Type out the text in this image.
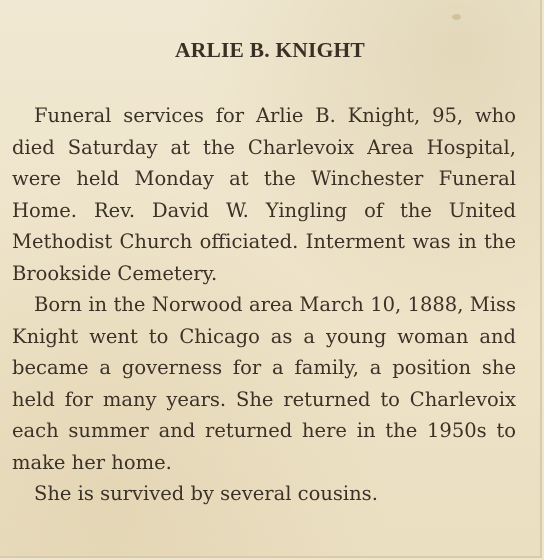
ARLIE B. KNIGHT

Funeral services for Arlie B. Knight, 95, who died Saturday at the Charlevoix Area Hospital, were held Monday at the Winchester Funeral Home. Rev. David W. Yingling of the United Methodist Church officiated. Interment was in the Brookside Cemetery.

Born in the Norwood area March 10, 1888, Miss Knight went to Chicago as a young woman and became a governess for a family, a position she held for many years. She returned to Charlevoix each summer and returned here in the 1950s to make her home.

She is survived by several cousins.
